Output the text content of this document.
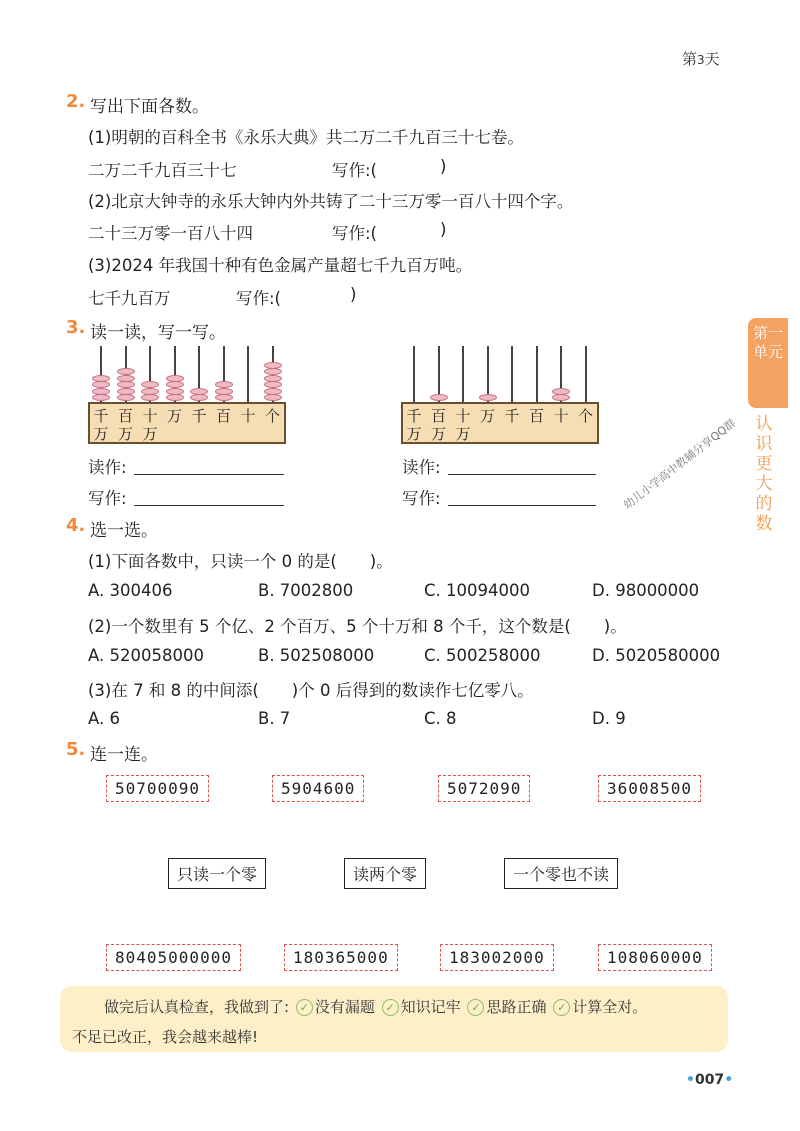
第3天
第一单元
认识更大的数
2. 写出下面各数。
(1)明朝的百科全书《永乐大典》共二万二千九百三十七卷。
二万二千九百三十七	写作:(	)
(2)北京大钟寺的永乐大钟内外共铸了二十三万零一百八十四个字。
二十三万零一百八十四	写作:(	)
(3)2024 年我国十种有色金属产量超七千九百万吨。
七千九百万	写作:(	)
3. 读一读，写一写。
千
万
百
万
十
万
万 千 百 十 个	千
万
百
万
十
万
万 千 百 十 个
读作:
写作:
读作:
写作:
4. 选一选。
(1)下面各数中，只读一个 0 的是(　　)。
A. 300406	B. 7002800	C. 10094000	D. 98000000
(2)一个数里有 5 个亿、2 个百万、5 个十万和 8 个千，这个数是(　　)。
A. 520058000	B. 502508000	C. 500258000	D. 5020580000
(3)在 7 和 8 的中间添(　　)个 0 后得到的数读作七亿零八。
A. 6	B. 7	C. 8	D. 9
5. 连一连。
50700090	5904600	5072090	36008500
只读一个零	读两个零	一个零也不读
80405000000	180365000	183002000	108060000
做完后认真检查，我做到了: ✓ 没有漏题 ✓ 知识记牢 ✓ 思路正确 ✓ 计算全对。
不足已改正，我会越来越棒!
幼儿小学高中教辅分享QQ群
•007•
